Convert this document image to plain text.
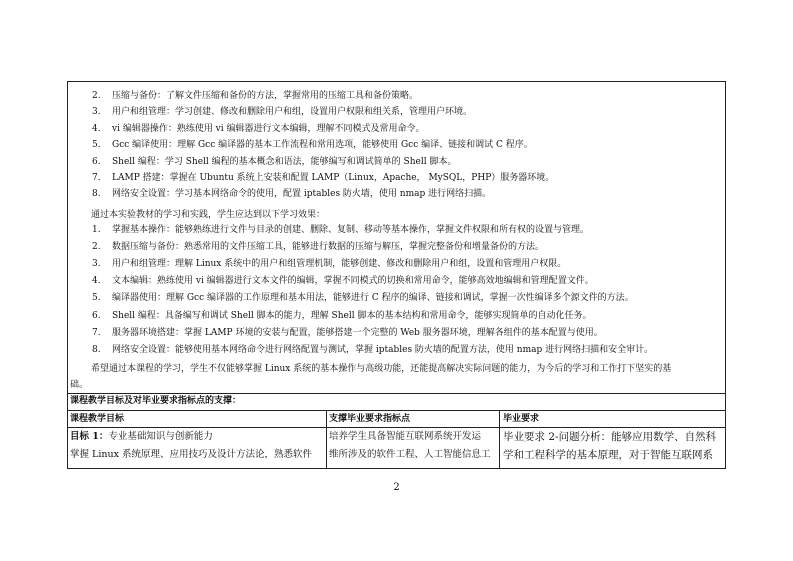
2. 压缩与备份：了解文件压缩和备份的方法，掌握常用的压缩工具和备份策略。
3. 用户和组管理：学习创建、修改和删除用户和组，设置用户权限和组关系，管理用户环境。
4. vi 编辑器操作：熟练使用 vi 编辑器进行文本编辑，理解不同模式及常用命令。
5. Gcc 编译使用：理解 Gcc 编译器的基本工作流程和常用选项，能够使用 Gcc 编译、链接和调试 C 程序。
6. Shell 编程：学习 Shell 编程的基本概念和语法，能够编写和调试简单的 Shell 脚本。
7. LAMP 搭建：掌握在 Ubuntu 系统上安装和配置 LAMP（Linux，Apache， MySQL，PHP）服务器环境。
8. 网络安全设置：学习基本网络命令的使用，配置 iptables 防火墙，使用 nmap 进行网络扫描。
通过本实验教材的学习和实践，学生应达到以下学习效果：
1. 掌握基本操作：能够熟练进行文件与目录的创建、删除、复制、移动等基本操作，掌握文件权限和所有权的设置与管理。
2. 数据压缩与备份：熟悉常用的文件压缩工具，能够进行数据的压缩与解压，掌握完整备份和增量备份的方法。
3. 用户和组管理：理解 Linux 系统中的用户和组管理机制，能够创建、修改和删除用户和组，设置和管理用户权限。
4. 文本编辑：熟练使用 vi 编辑器进行文本文件的编辑，掌握不同模式的切换和常用命令，能够高效地编辑和管理配置文件。
5. 编译器使用：理解 Gcc 编译器的工作原理和基本用法，能够进行 C 程序的编译、链接和调试，掌握一次性编译多个源文件的方法。
6. Shell 编程：具备编写和调试 Shell 脚本的能力，理解 Shell 脚本的基本结构和常用命令，能够实现简单的自动化任务。
7. 服务器环境搭建：掌握 LAMP 环境的安装与配置，能够搭建一个完整的 Web 服务器环境，理解各组件的基本配置与使用。
8. 网络安全设置：能够使用基本网络命令进行网络配置与测试，掌握 iptables 防火墙的配置方法，使用 nmap 进行网络扫描和安全审计。
希望通过本课程的学习，学生不仅能够掌握 Linux 系统的基本操作与高级功能，还能提高解决实际问题的能力，为今后的学习和工作打下坚实的基
础。
课程教学目标及对毕业要求指标点的支撑：
课程教学目标	支撑毕业要求指标点	毕业要求
目标 1：专业基础知识与创新能力
掌握 Linux 系统原理、应用技巧及设计方法论，熟悉软件
培养学生具备智能互联网系统开发运
维所涉及的软件工程、人工智能信息工
毕业要求 2-问题分析：能够应用数学、自然科
学和工程科学的基本原理，对于智能互联网系
2
